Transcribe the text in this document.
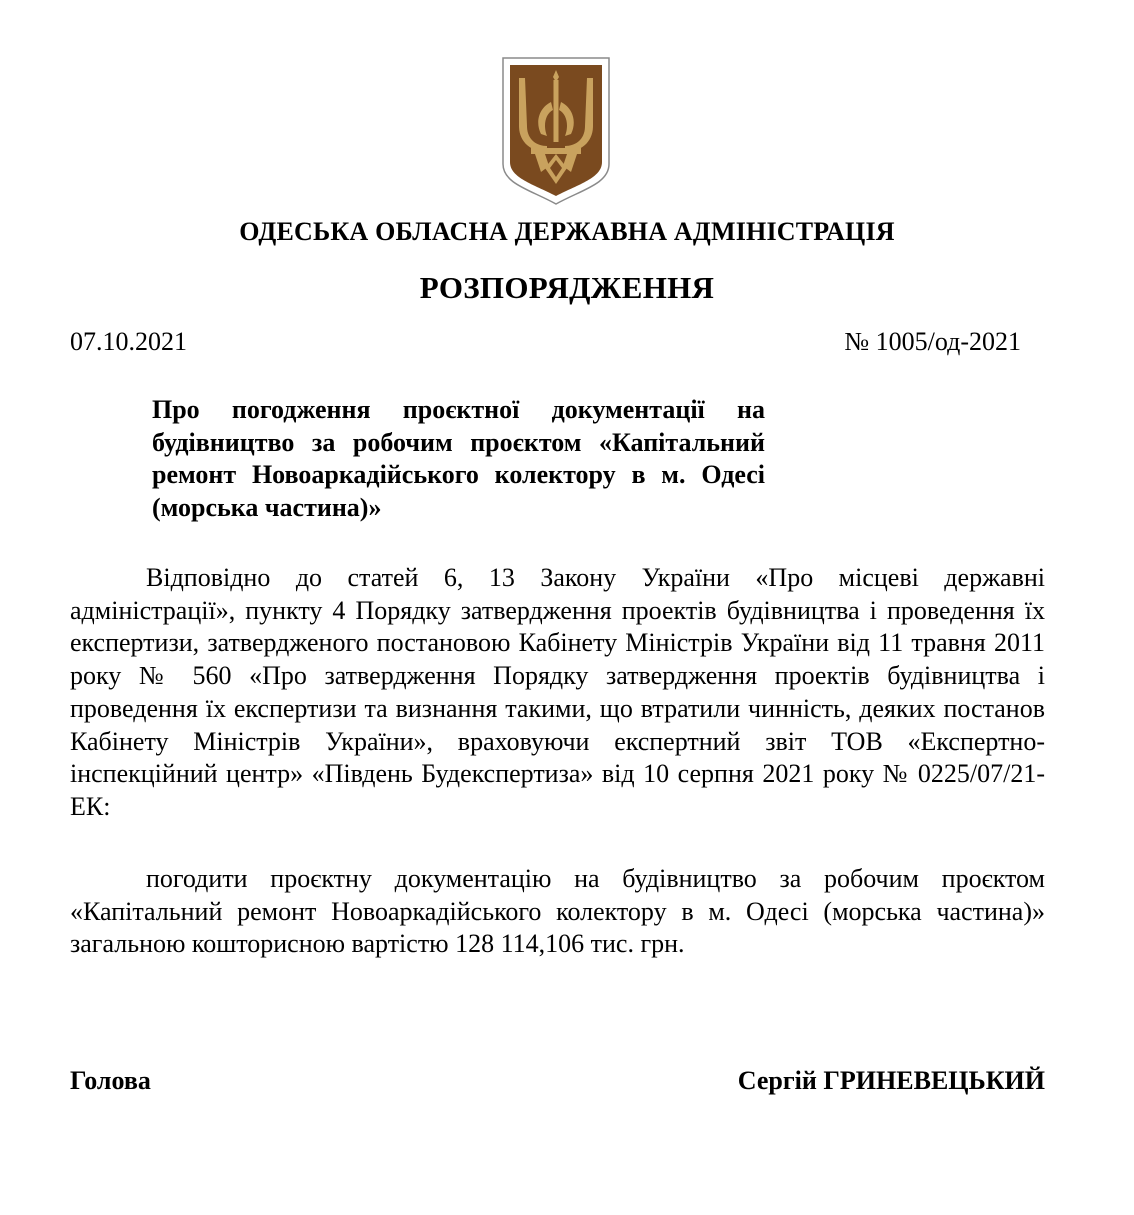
ОДЕСЬКА ОБЛАСНА ДЕРЖАВНА АДМІНІСТРАЦІЯ
РОЗПОРЯДЖЕННЯ
07.10.2021	№ 1005/од-2021

Про погодження проєктної документації на будівництво за робочим проєктом «Капітальний ремонт Новоаркадійського колектору в м. Одесі (морська частина)»

Відповідно до статей 6, 13 Закону України «Про місцеві державні адміністрації», пункту 4 Порядку затвердження проектів будівництва і проведення їх експертизи, затвердженого постановою Кабінету Міністрів України від 11 травня 2011 року № 560 «Про затвердження Порядку затвердження проектів будівництва і проведення їх експертизи та визнання такими, що втратили чинність, деяких постанов Кабінету Міністрів України», враховуючи експертний звіт ТОВ «Експертно-інспекційний центр» «Південь Будекспертиза» від 10 серпня 2021 року № 0225/07/21-ЕК:

погодити проєктну документацію на будівництво за робочим проєктом «Капітальний ремонт Новоаркадійського колектору в м. Одесі (морська частина)» загальною кошторисною вартістю 128 114,106 тис. грн.

Голова	Сергій ГРИНЕВЕЦЬКИЙ
